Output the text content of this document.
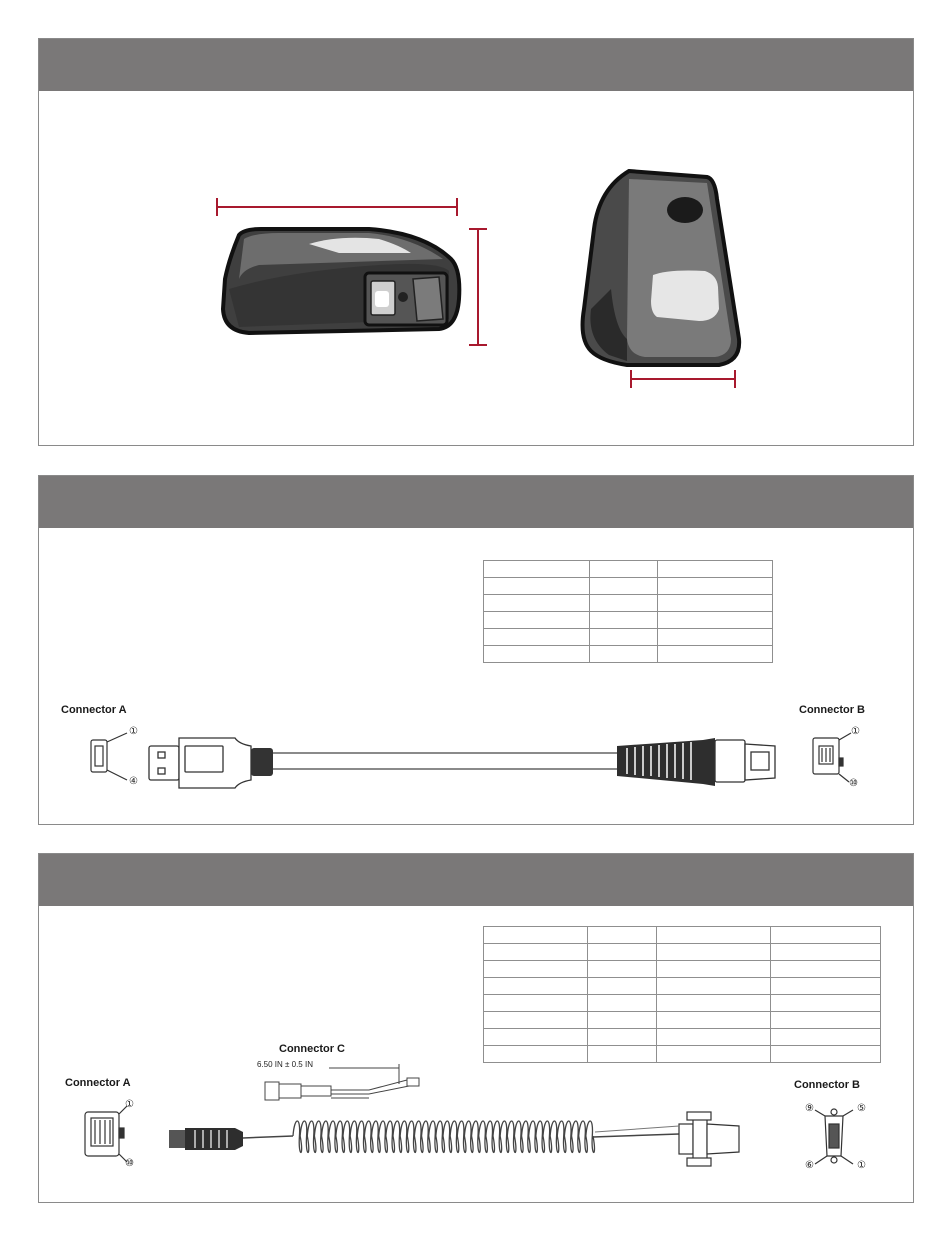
Connector A	Connector B
①
④
①
⑩

Connector C
6.50 IN ± 0.5 IN
Connector A	Connector B
①
⑩
⑨	⑤
⑥	①
